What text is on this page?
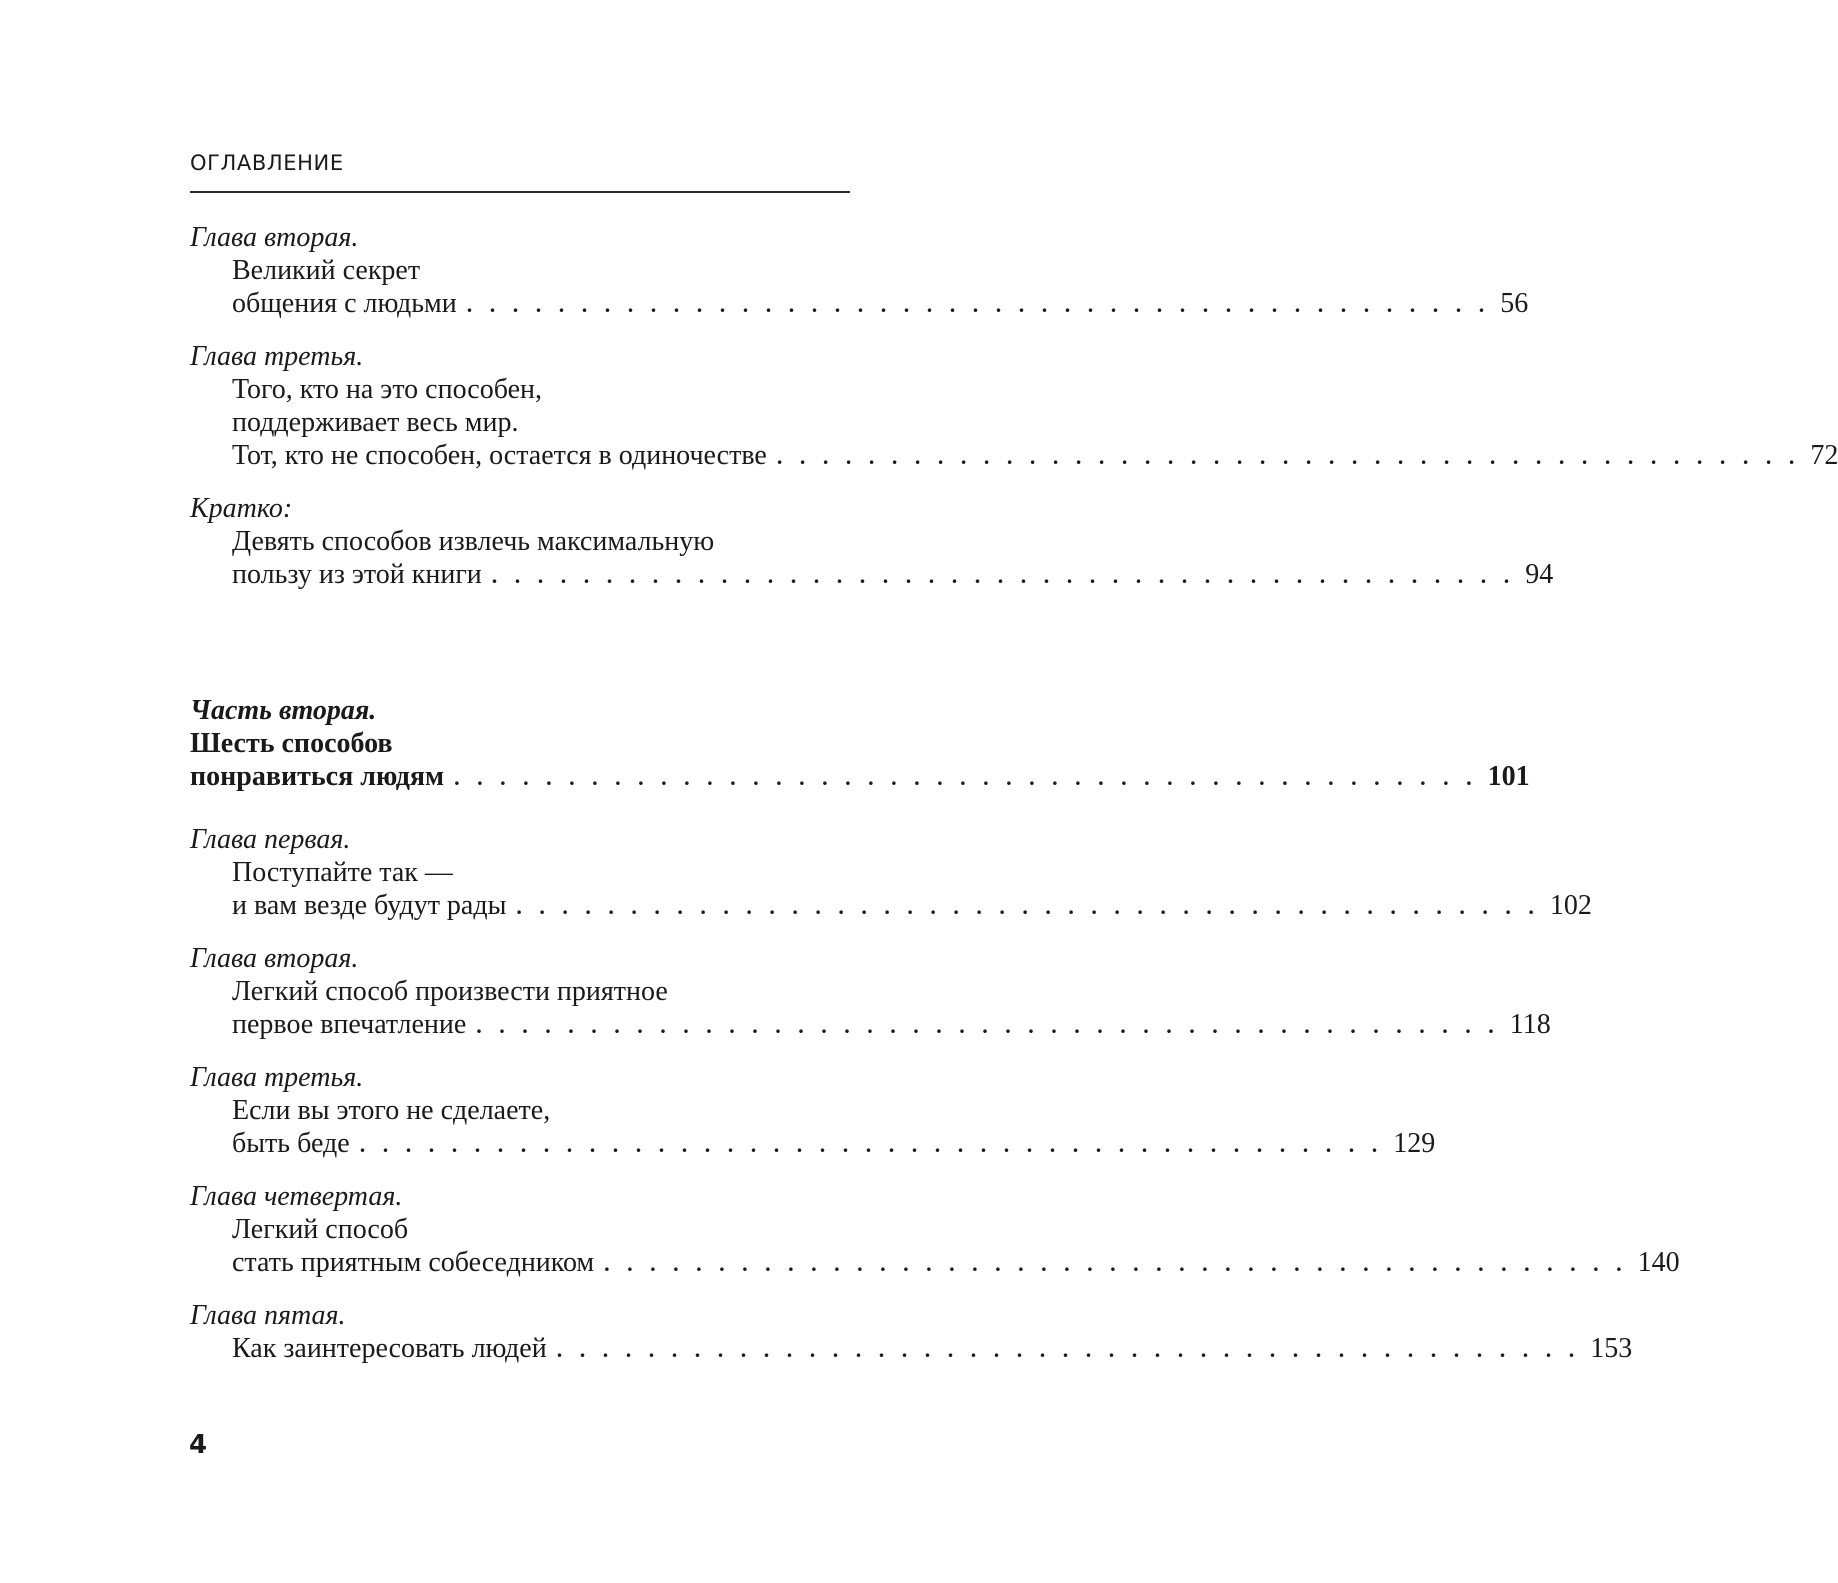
ОГЛАВЛЕНИЕ
Глава вторая.
Великий секрет
общения с людьми . . . . . . . . . . . . . . . . . . . . . . . . . . . . . . . . . . . . . . . . . . . . . 56
Глава третья.
Того, кто на это способен,
поддерживает весь мир.
Тот, кто не способен, остается в одиночестве . . . . . . . . . . . . . . . . . . . . . . . . . . . . . . . . . . . . . . . . . . . . . 72
Кратко:
Девять способов извлечь максимальную
пользу из этой книги . . . . . . . . . . . . . . . . . . . . . . . . . . . . . . . . . . . . . . . . . . . . . 94
Часть вторая.
Шесть способов
понравиться людям . . . . . . . . . . . . . . . . . . . . . . . . . . . . . . . . . . . . . . . . . . . . . 101
Глава первая.
Поступайте так —
и вам везде будут рады . . . . . . . . . . . . . . . . . . . . . . . . . . . . . . . . . . . . . . . . . . . . . 102
Глава вторая.
Легкий способ произвести приятное
первое впечатление . . . . . . . . . . . . . . . . . . . . . . . . . . . . . . . . . . . . . . . . . . . . . 118
Глава третья.
Если вы этого не сделаете,
быть беде . . . . . . . . . . . . . . . . . . . . . . . . . . . . . . . . . . . . . . . . . . . . . 129
Глава четвертая.
Легкий способ
стать приятным собеседником . . . . . . . . . . . . . . . . . . . . . . . . . . . . . . . . . . . . . . . . . . . . . 140
Глава пятая.
Как заинтересовать людей . . . . . . . . . . . . . . . . . . . . . . . . . . . . . . . . . . . . . . . . . . . . . 153
4
